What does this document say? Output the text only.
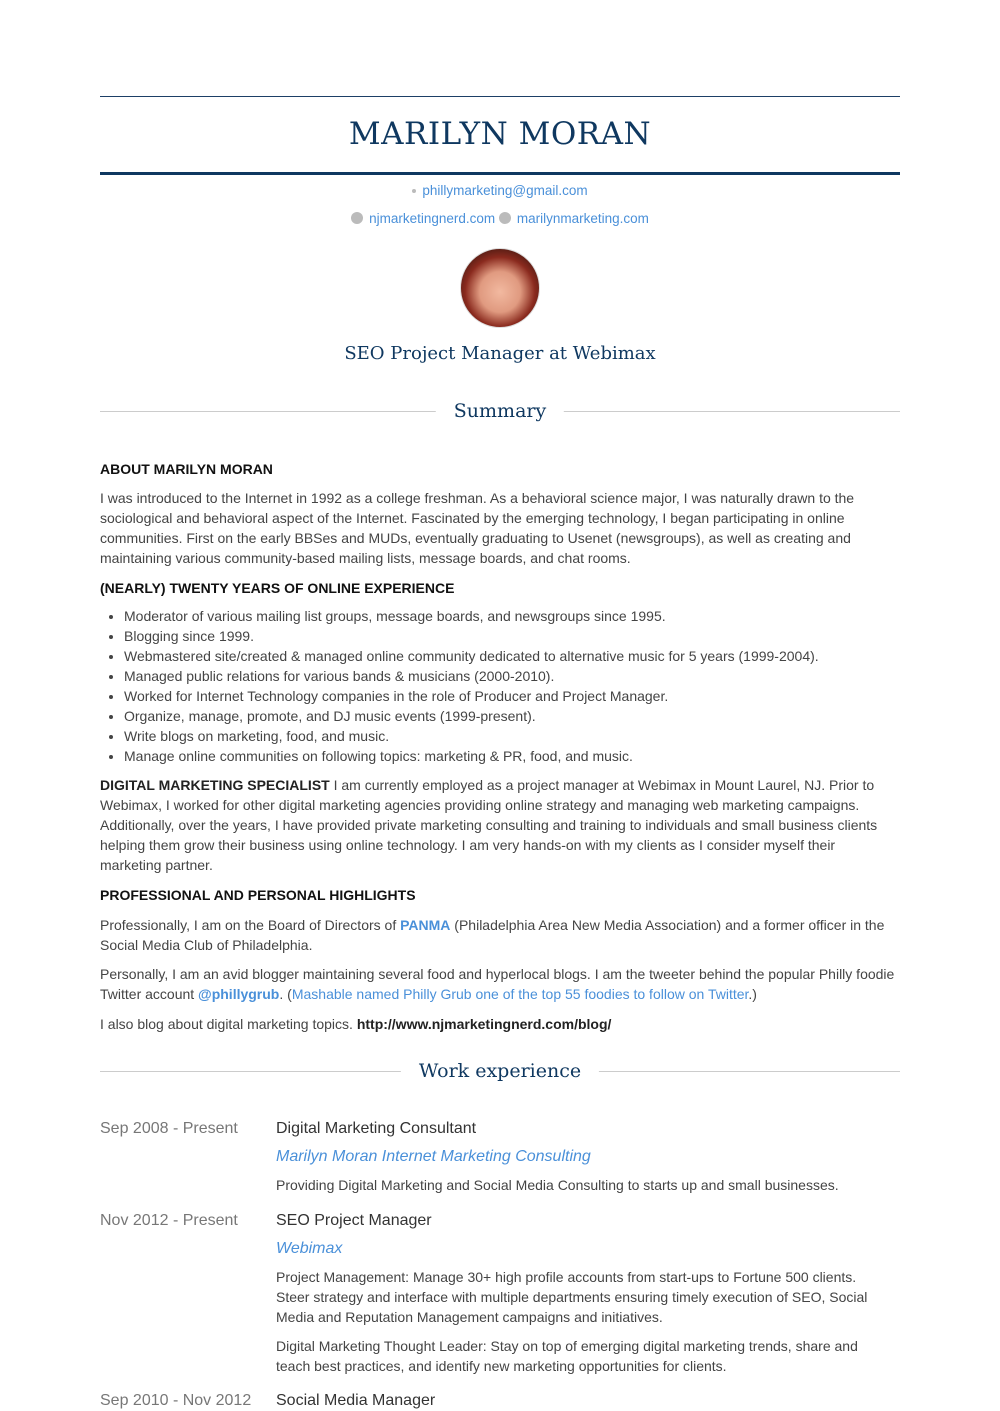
MARILYN MORAN
phillymarketing@gmail.com
njmarketingnerd.com marilynmarketing.com
SEO Project Manager at Webimax
Summary
ABOUT MARILYN MORAN

I was introduced to the Internet in 1992 as a college freshman. As a behavioral science major, I was naturally drawn to the sociological and behavioral aspect of the Internet. Fascinated by the emerging technology, I began participating in online communities. First on the early BBSes and MUDs, eventually graduating to Usenet (newsgroups), as well as creating and maintaining various community-based mailing lists, message boards, and chat rooms.

(NEARLY) TWENTY YEARS OF ONLINE EXPERIENCE
• Moderator of various mailing list groups, message boards, and newsgroups since 1995.
• Blogging since 1999.
• Webmastered site/created & managed online community dedicated to alternative music for 5 years (1999-2004).
• Managed public relations for various bands & musicians (2000-2010).
• Worked for Internet Technology companies in the role of Producer and Project Manager.
• Organize, manage, promote, and DJ music events (1999-present).
• Write blogs on marketing, food, and music.
• Manage online communities on following topics: marketing & PR, food, and music.

DIGITAL MARKETING SPECIALIST I am currently employed as a project manager at Webimax in Mount Laurel, NJ. Prior to Webimax, I worked for other digital marketing agencies providing online strategy and managing web marketing campaigns. Additionally, over the years, I have provided private marketing consulting and training to individuals and small business clients helping them grow their business using online technology. I am very hands-on with my clients as I consider myself their marketing partner.

PROFESSIONAL AND PERSONAL HIGHLIGHTS

Professionally, I am on the Board of Directors of PANMA (Philadelphia Area New Media Association) and a former officer in the Social Media Club of Philadelphia.

Personally, I am an avid blogger maintaining several food and hyperlocal blogs. I am the tweeter behind the popular Philly foodie Twitter account @phillygrub. (Mashable named Philly Grub one of the top 55 foodies to follow on Twitter.)

I also blog about digital marketing topics. http://www.njmarketingnerd.com/blog/

Work experience
Sep 2008 - Present Digital Marketing Consultant
Marilyn Moran Internet Marketing Consulting
Providing Digital Marketing and Social Media Consulting to starts up and small businesses.
Nov 2012 - Present SEO Project Manager
Webimax
Project Management: Manage 30+ high profile accounts from start-ups to Fortune 500 clients. Steer strategy and interface with multiple departments ensuring timely execution of SEO, Social Media and Reputation Management campaigns and initiatives.
Digital Marketing Thought Leader: Stay on top of emerging digital marketing trends, share and teach best practices, and identify new marketing opportunities for clients.
Sep 2010 - Nov 2012 Social Media Manager
